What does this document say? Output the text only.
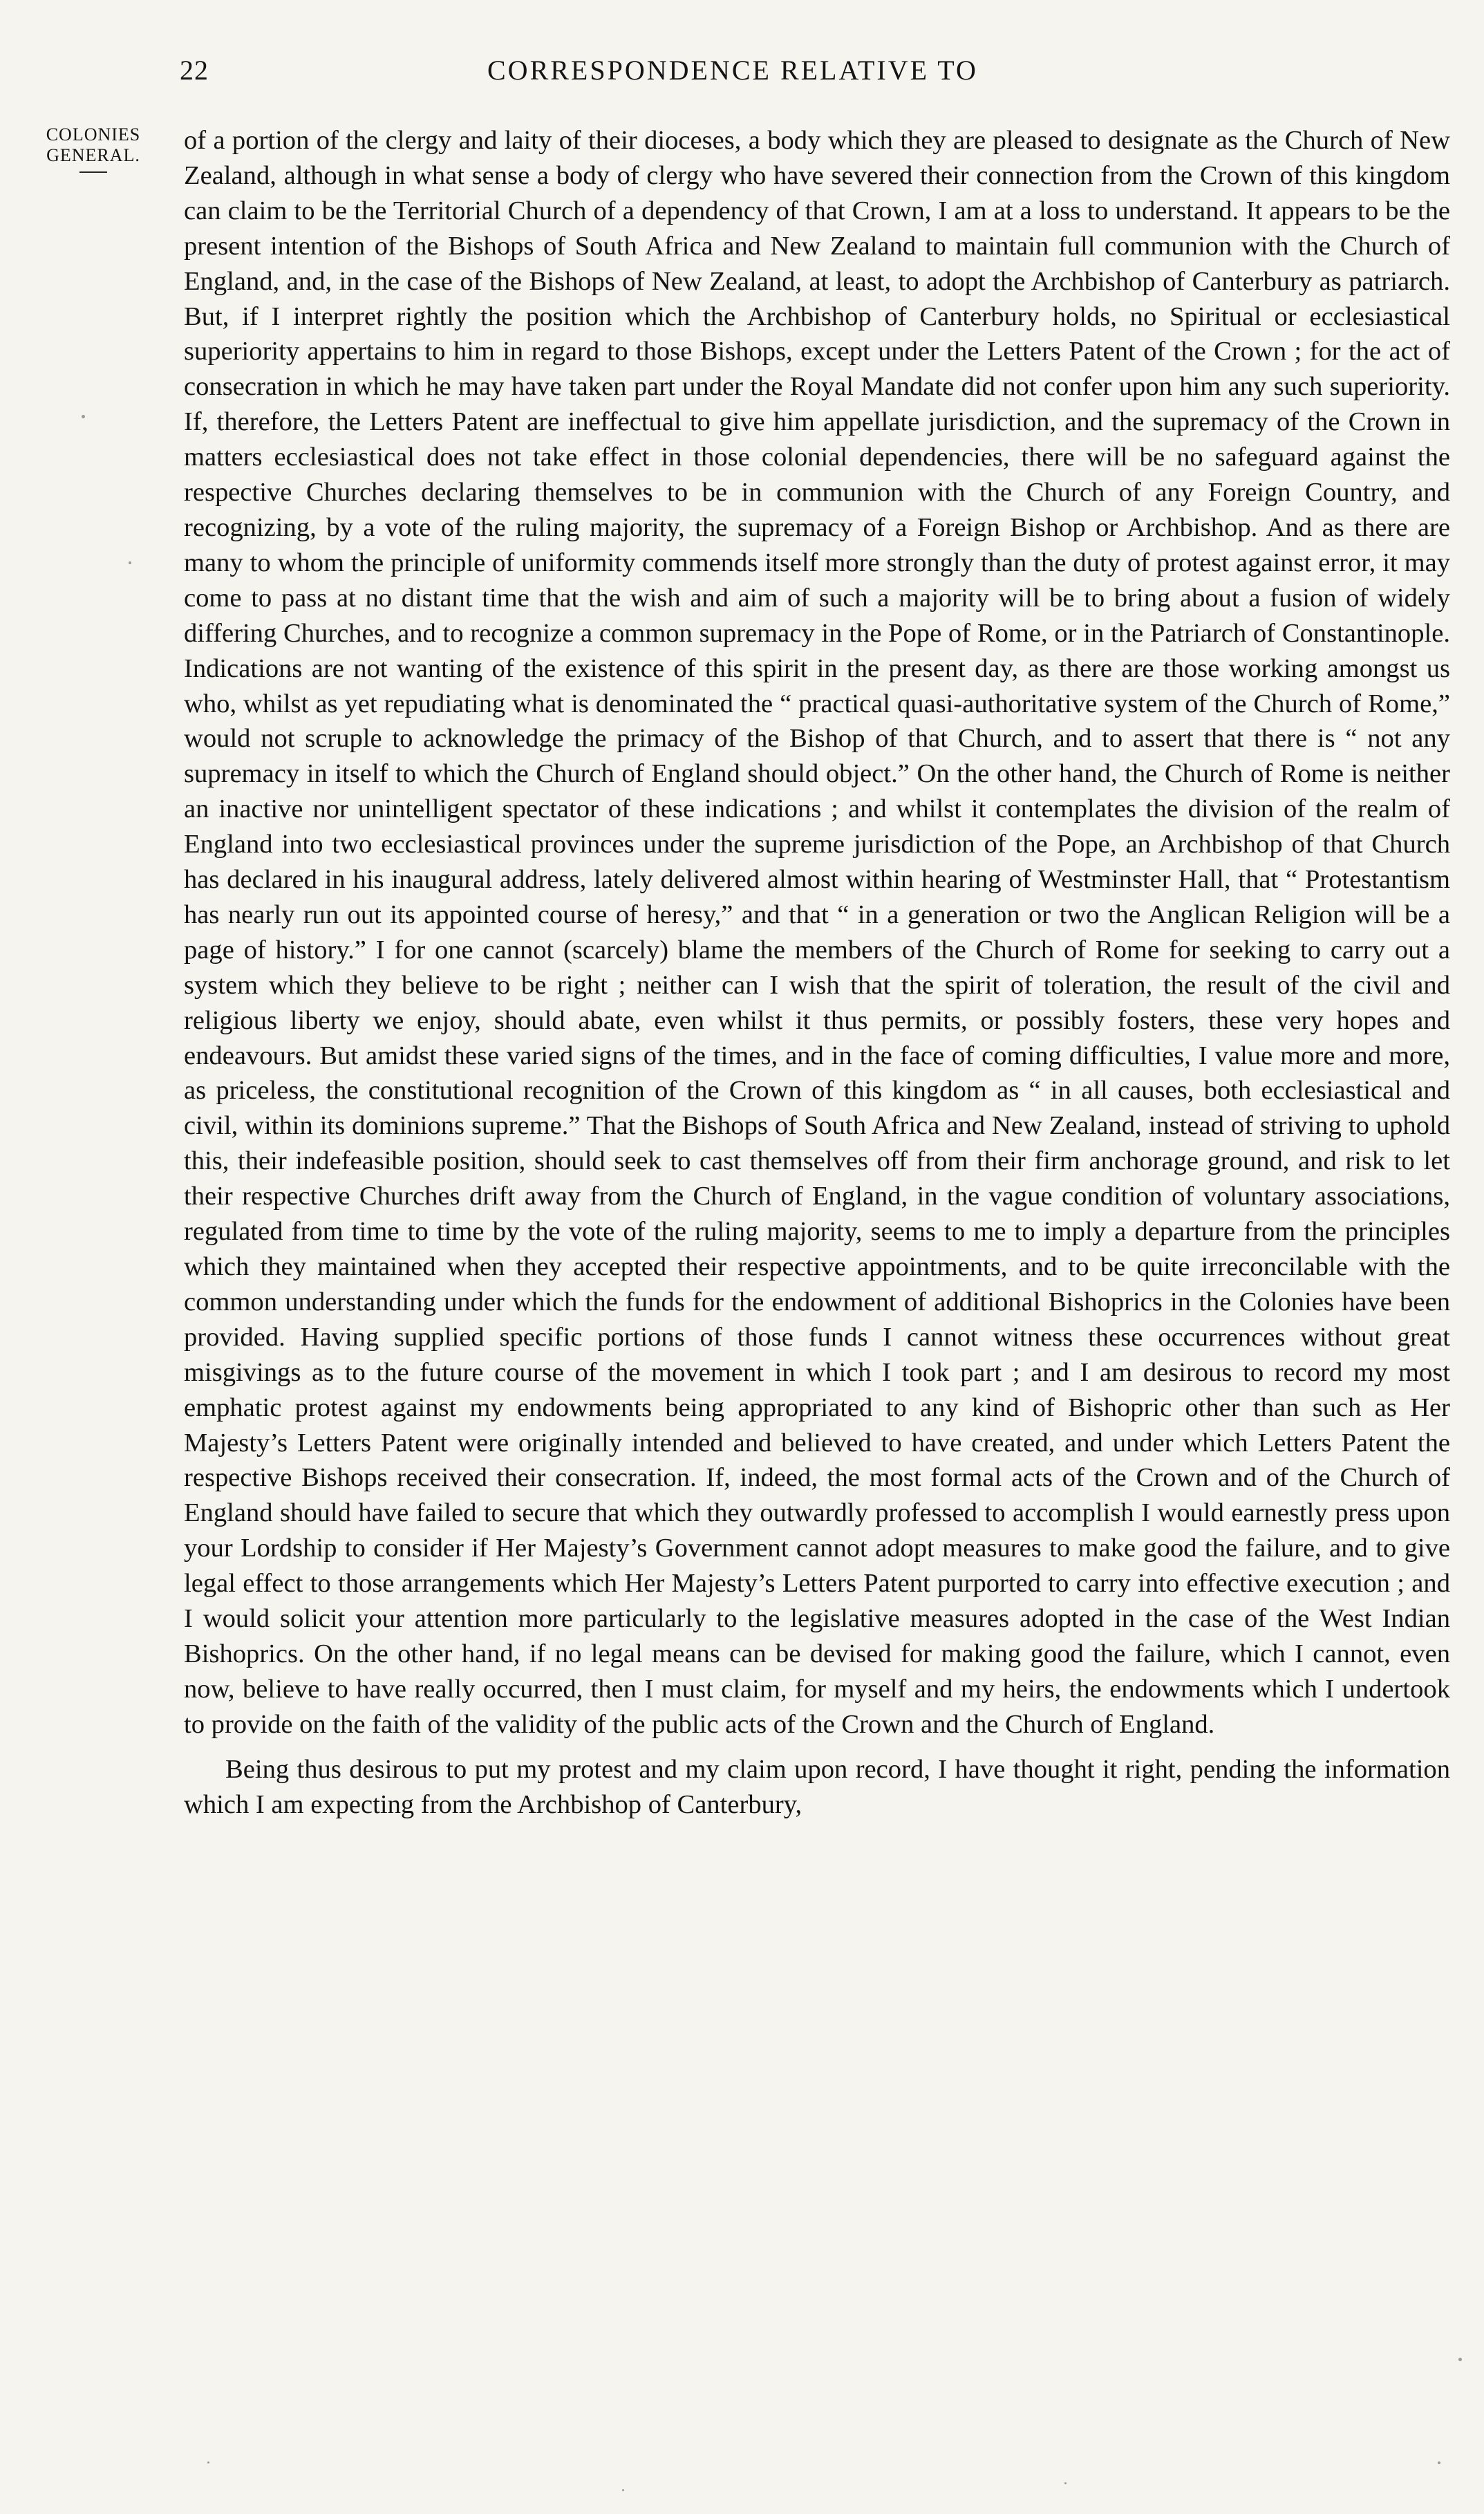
22	CORRESPONDENCE RELATIVE TO
COLONIES
GENERAL.

of a portion of the clergy and laity of their dioceses, a body which they are pleased to designate as the Church of New Zealand, although in what sense a body of clergy who have severed their connection from the Crown of this kingdom can claim to be the Territorial Church of a dependency of that Crown, I am at a loss to understand. It appears to be the present intention of the Bishops of South Africa and New Zealand to maintain full communion with the Church of England, and, in the case of the Bishops of New Zealand, at least, to adopt the Archbishop of Canterbury as patriarch. But, if I interpret rightly the position which the Archbishop of Canterbury holds, no Spiritual or ecclesiastical superiority appertains to him in regard to those Bishops, except under the Letters Patent of the Crown ; for the act of consecration in which he may have taken part under the Royal Mandate did not confer upon him any such superiority. If, therefore, the Letters Patent are ineffectual to give him appellate jurisdiction, and the supremacy of the Crown in matters ecclesiastical does not take effect in those colonial dependencies, there will be no safeguard against the respective Churches declaring themselves to be in communion with the Church of any Foreign Country, and recognizing, by a vote of the ruling majority, the supremacy of a Foreign Bishop or Archbishop. And as there are many to whom the principle of uniformity commends itself more strongly than the duty of protest against error, it may come to pass at no distant time that the wish and aim of such a majority will be to bring about a fusion of widely differing Churches, and to recognize a common supremacy in the Pope of Rome, or in the Patriarch of Constantinople. Indications are not wanting of the existence of this spirit in the present day, as there are those working amongst us who, whilst as yet repudiating what is denominated the “ practical quasi-authoritative system of the Church of Rome,” would not scruple to acknowledge the primacy of the Bishop of that Church, and to assert that there is “ not any supremacy in itself to which the Church of England should object.” On the other hand, the Church of Rome is neither an inactive nor unintelligent spectator of these indications ; and whilst it contemplates the division of the realm of England into two ecclesiastical provinces under the supreme jurisdiction of the Pope, an Archbishop of that Church has declared in his inaugural address, lately delivered almost within hearing of Westminster Hall, that “ Protestantism has nearly run out its appointed course of heresy,” and that “ in a generation or two the Anglican Religion will be a page of history.” I for one cannot (scarcely) blame the members of the Church of Rome for seeking to carry out a system which they believe to be right ; neither can I wish that the spirit of toleration, the result of the civil and religious liberty we enjoy, should abate, even whilst it thus permits, or possibly fosters, these very hopes and endeavours. But amidst these varied signs of the times, and in the face of coming difficulties, I value more and more, as priceless, the constitutional recognition of the Crown of this kingdom as “ in all causes, both ecclesiastical and civil, within its dominions supreme.” That the Bishops of South Africa and New Zealand, instead of striving to uphold this, their indefeasible position, should seek to cast themselves off from their firm anchorage ground, and risk to let their respective Churches drift away from the Church of England, in the vague condition of voluntary associations, regulated from time to time by the vote of the ruling majority, seems to me to imply a departure from the principles which they maintained when they accepted their respective appointments, and to be quite irreconcilable with the common understanding under which the funds for the endowment of additional Bishoprics in the Colonies have been provided. Having supplied specific portions of those funds I cannot witness these occurrences without great misgivings as to the future course of the movement in which I took part ; and I am desirous to record my most emphatic protest against my endowments being appropriated to any kind of Bishopric other than such as Her Majesty’s Letters Patent were originally intended and believed to have created, and under which Letters Patent the respective Bishops received their consecration. If, indeed, the most formal acts of the Crown and of the Church of England should have failed to secure that which they outwardly professed to accomplish I would earnestly press upon your Lordship to consider if Her Majesty’s Government cannot adopt measures to make good the failure, and to give legal effect to those arrangements which Her Majesty’s Letters Patent purported to carry into effective execution ; and I would solicit your attention more particularly to the legislative measures adopted in the case of the West Indian Bishoprics. On the other hand, if no legal means can be devised for making good the failure, which I cannot, even now, believe to have really occurred, then I must claim, for myself and my heirs, the endowments which I undertook to provide on the faith of the validity of the public acts of the Crown and the Church of England.

Being thus desirous to put my protest and my claim upon record, I have thought it right, pending the information which I am expecting from the Archbishop of Canterbury,
